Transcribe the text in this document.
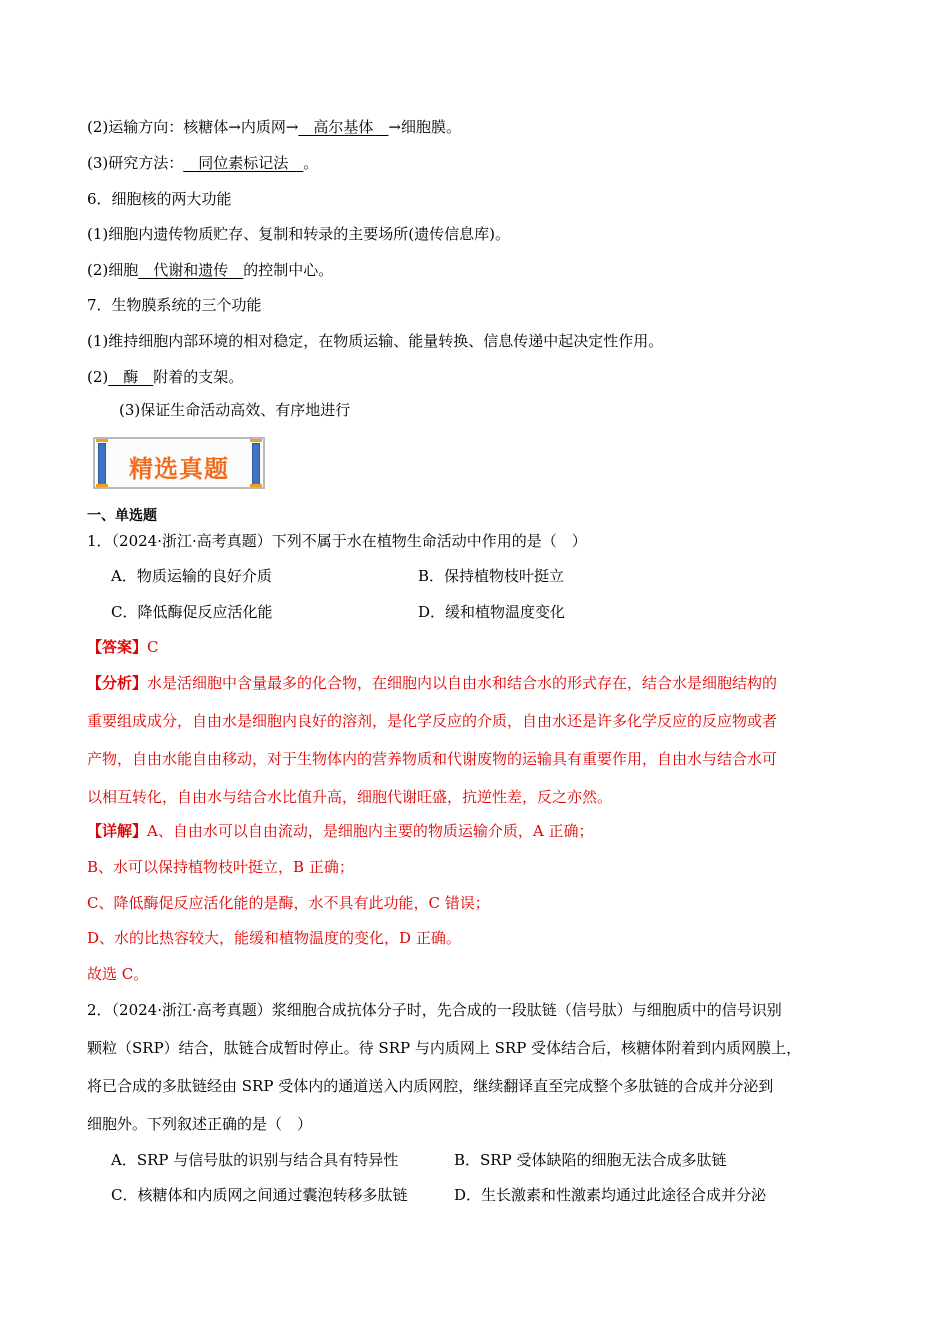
(2)运输方向：核糖体→内质网→__高尔基体__→细胞膜。
(3)研究方法：__同位素标记法__。
6．细胞核的两大功能
(1)细胞内遗传物质贮存、复制和转录的主要场所(遗传信息库)。
(2)细胞__代谢和遗传__的控制中心。
7．生物膜系统的三个功能
(1)维持细胞内部环境的相对稳定，在物质运输、能量转换、信息传递中起决定性作用。
(2)__酶__附着的支架。
(3)保证生命活动高效、有序地进行
精选真题
一、单选题
1．（2024·浙江·高考真题）下列不属于水在植物生命活动中作用的是（　）
A．物质运输的良好介质	B．保持植物枝叶挺立
C．降低酶促反应活化能	D．缓和植物温度变化
【答案】C
【分析】水是活细胞中含量最多的化合物，在细胞内以自由水和结合水的形式存在，结合水是细胞结构的
重要组成成分，自由水是细胞内良好的溶剂，是化学反应的介质，自由水还是许多化学反应的反应物或者
产物，自由水能自由移动，对于生物体内的营养物质和代谢废物的运输具有重要作用，自由水与结合水可
以相互转化，自由水与结合水比值升高，细胞代谢旺盛，抗逆性差，反之亦然。
【详解】A、自由水可以自由流动，是细胞内主要的物质运输介质，A 正确；
B、水可以保持植物枝叶挺立，B 正确；
C、降低酶促反应活化能的是酶，水不具有此功能，C 错误；
D、水的比热容较大，能缓和植物温度的变化，D 正确。
故选 C。
2．（2024·浙江·高考真题）浆细胞合成抗体分子时，先合成的一段肽链（信号肽）与细胞质中的信号识别
颗粒（SRP）结合，肽链合成暂时停止。待 SRP 与内质网上 SRP 受体结合后，核糖体附着到内质网膜上，
将已合成的多肽链经由 SRP 受体内的通道送入内质网腔，继续翻译直至完成整个多肽链的合成并分泌到
细胞外。下列叙述正确的是（　）
A．SRP 与信号肽的识别与结合具有特异性	B．SRP 受体缺陷的细胞无法合成多肽链
C．核糖体和内质网之间通过囊泡转移多肽链	D．生长激素和性激素均通过此途径合成并分泌
